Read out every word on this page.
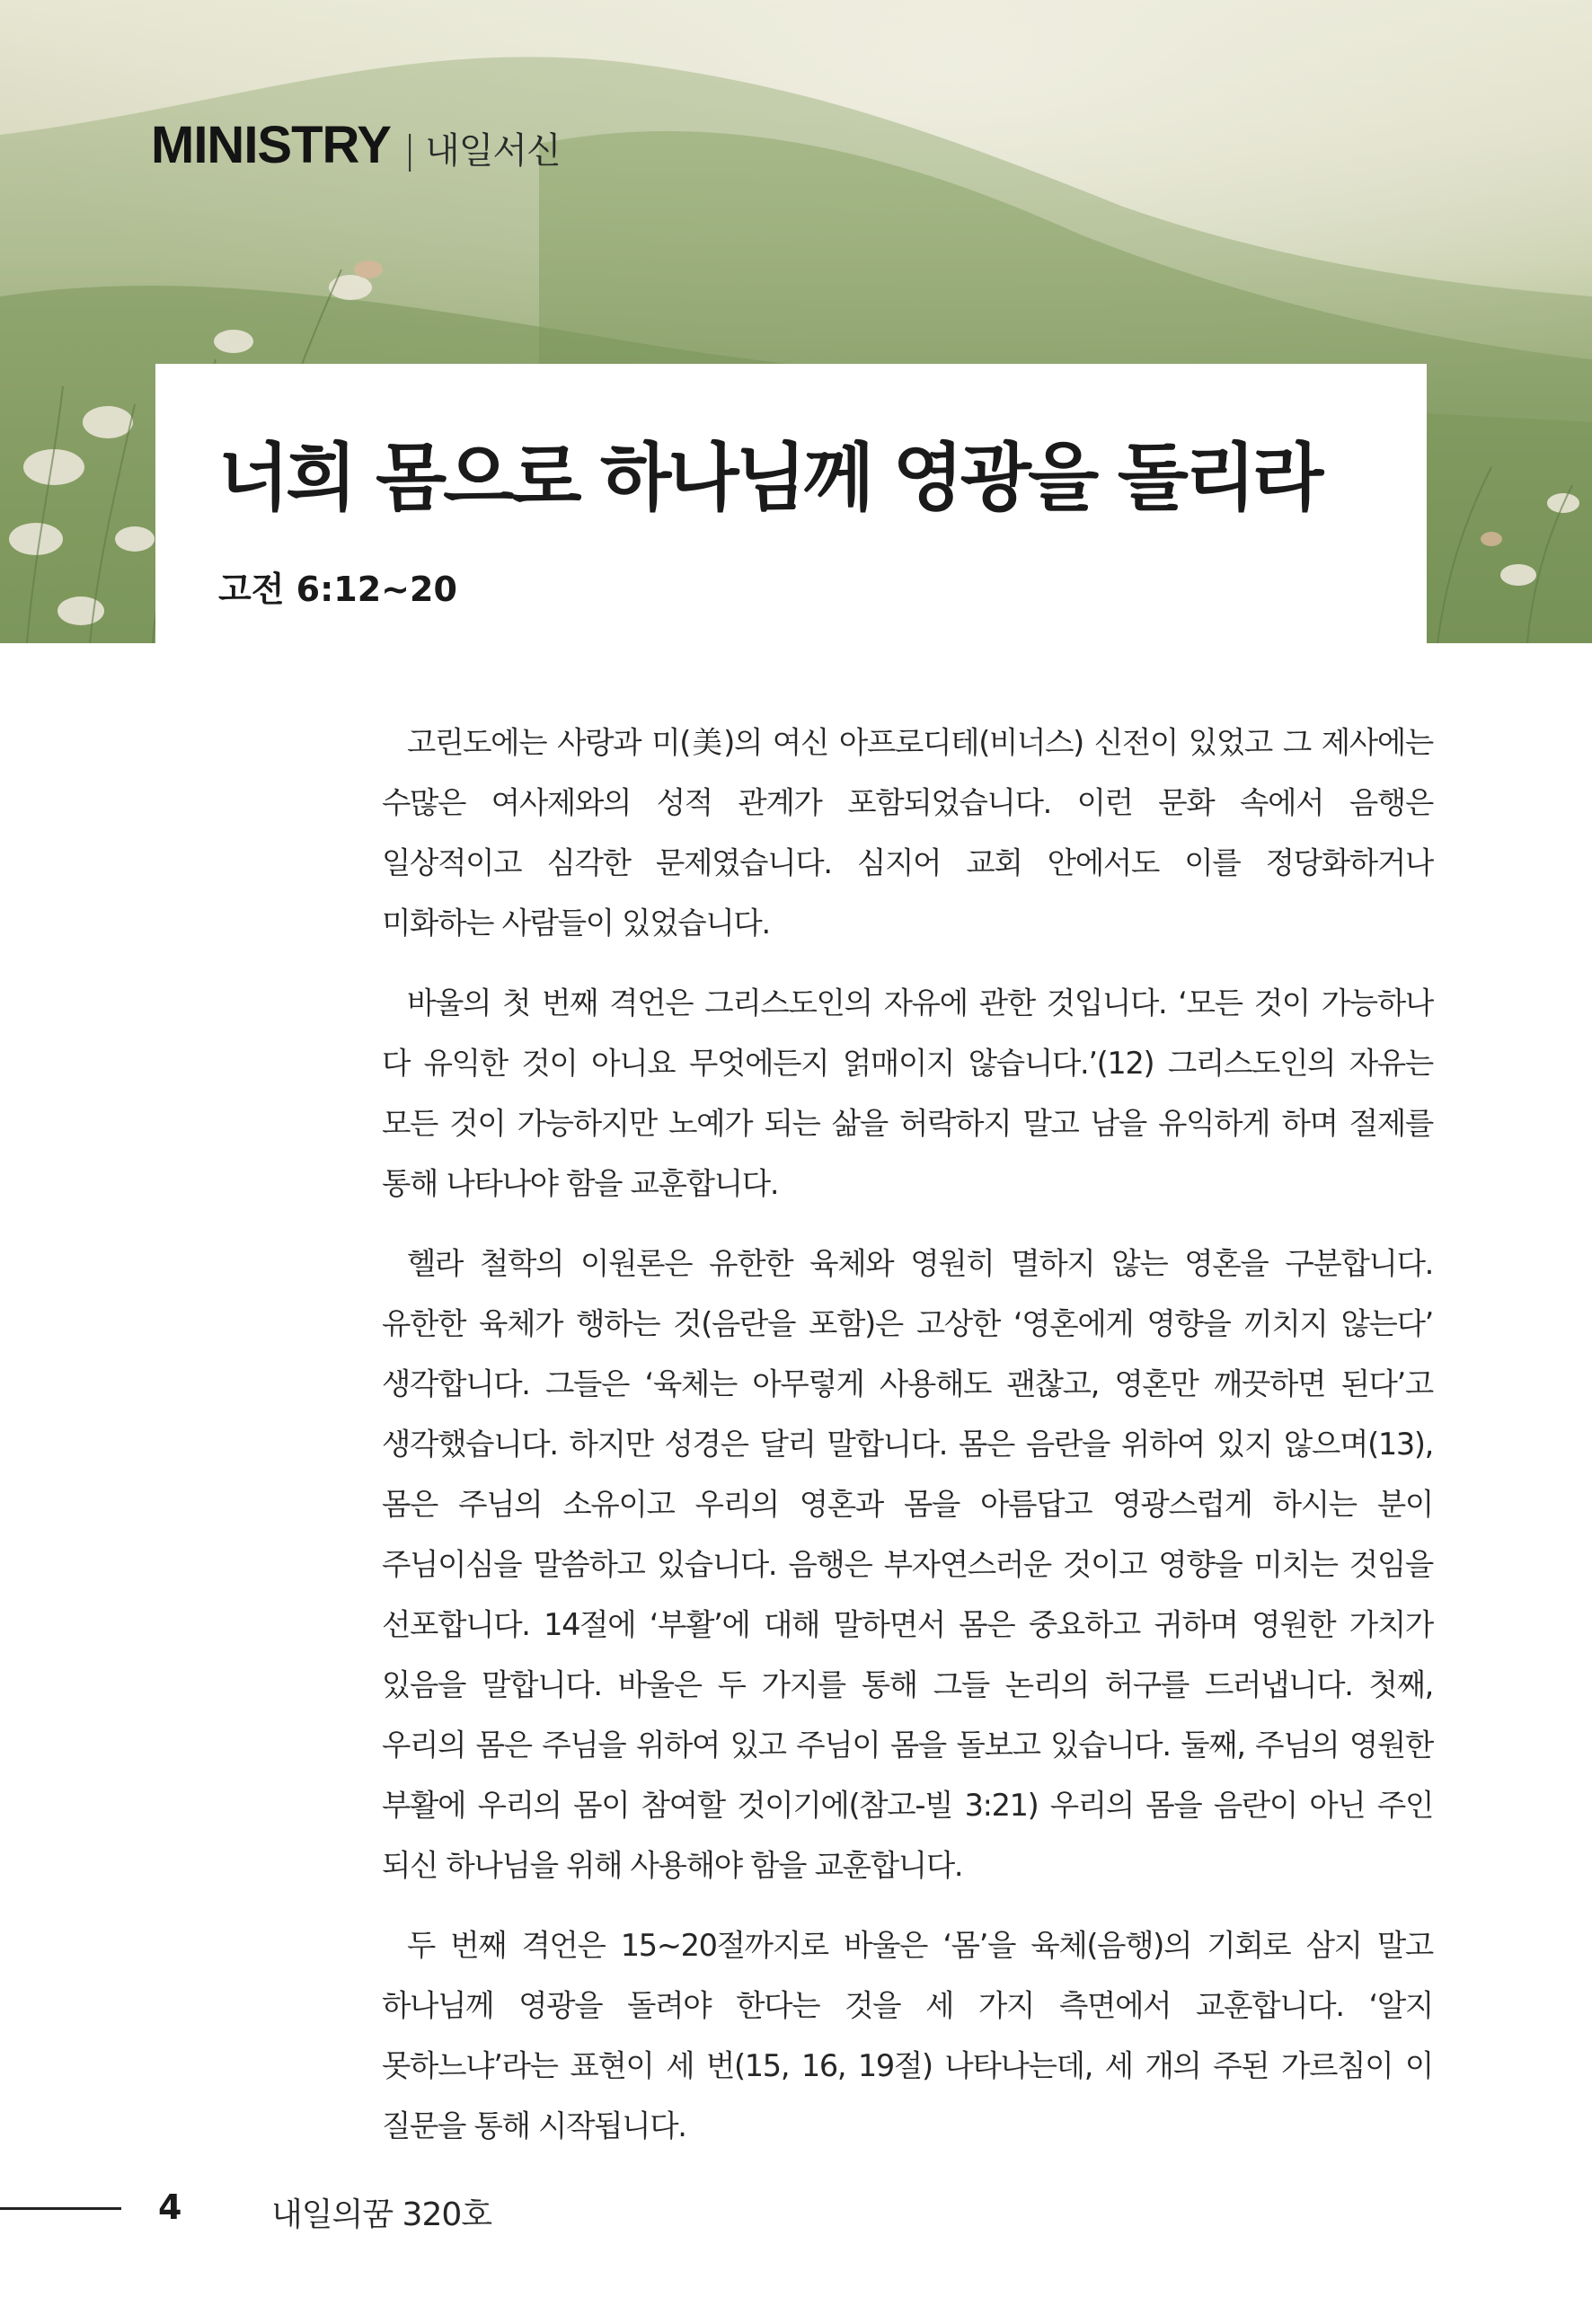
MINISTRY | 내일서신
너희 몸으로 하나님께 영광을 돌리라
고전 6:12~20

고린도에는 사랑과 미(美)의 여신 아프로디테(비너스) 신전이 있었고 그 제사에는 수많은 여사제와의 성적 관계가 포함되었습니다. 이런 문화 속에서 음행은 일상적이고 심각한 문제였습니다. 심지어 교회 안에서도 이를 정당화하거나 미화하는 사람들이 있었습니다.

바울의 첫 번째 격언은 그리스도인의 자유에 관한 것입니다. ‘모든 것이 가능하나 다 유익한 것이 아니요 무엇에든지 얽매이지 않습니다.’(12) 그리스도인의 자유는 모든 것이 가능하지만 노예가 되는 삶을 허락하지 말고 남을 유익하게 하며 절제를 통해 나타나야 함을 교훈합니다.

헬라 철학의 이원론은 유한한 육체와 영원히 멸하지 않는 영혼을 구분합니다. 유한한 육체가 행하는 것(음란을 포함)은 고상한 ‘영혼에게 영향을 끼치지 않는다’ 생각합니다. 그들은 ‘육체는 아무렇게 사용해도 괜찮고, 영혼만 깨끗하면 된다’고 생각했습니다. 하지만 성경은 달리 말합니다. 몸은 음란을 위하여 있지 않으며(13), 몸은 주님의 소유이고 우리의 영혼과 몸을 아름답고 영광스럽게 하시는 분이 주님이심을 말씀하고 있습니다. 음행은 부자연스러운 것이고 영향을 미치는 것임을 선포합니다. 14절에 ‘부활’에 대해 말하면서 몸은 중요하고 귀하며 영원한 가치가 있음을 말합니다. 바울은 두 가지를 통해 그들 논리의 허구를 드러냅니다. 첫째, 우리의 몸은 주님을 위하여 있고 주님이 몸을 돌보고 있습니다. 둘째, 주님의 영원한 부활에 우리의 몸이 참여할 것이기에(참고-빌 3:21) 우리의 몸을 음란이 아닌 주인 되신 하나님을 위해 사용해야 함을 교훈합니다.

두 번째 격언은 15~20절까지로 바울은 ‘몸’을 육체(음행)의 기회로 삼지 말고 하나님께 영광을 돌려야 한다는 것을 세 가지 측면에서 교훈합니다. ‘알지 못하느냐’라는 표현이 세 번(15, 16, 19절) 나타나는데, 세 개의 주된 가르침이 이 질문을 통해 시작됩니다.

4	내일의꿈 320호
